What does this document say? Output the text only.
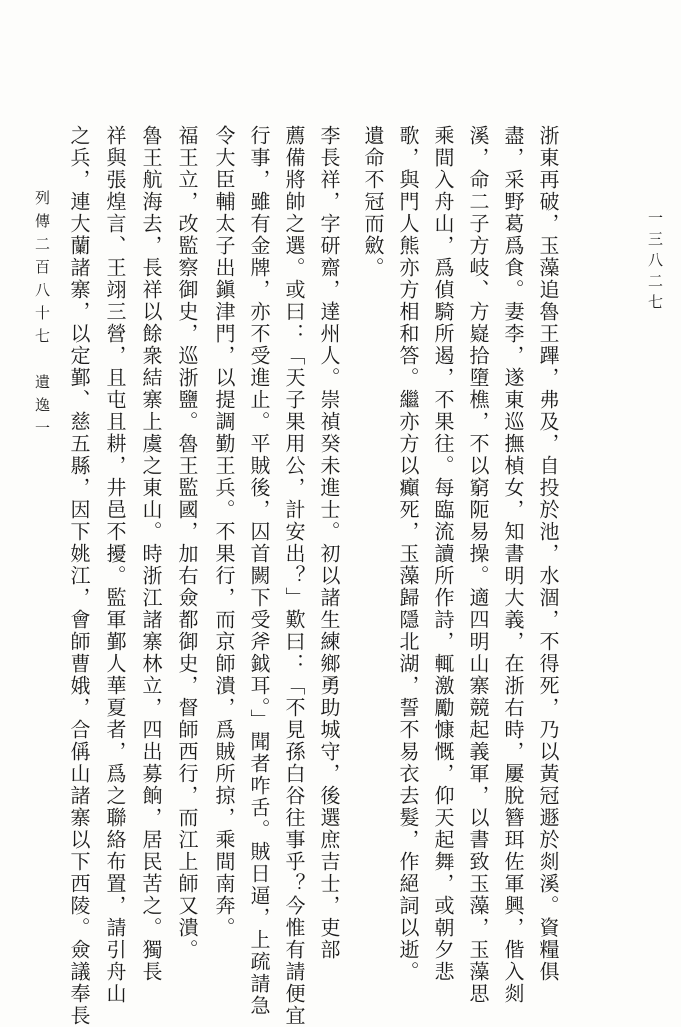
浙東再破，玉藻追魯王蹕，弗及，自投於池，水涸，不得死，乃以黃冠遯於剡溪。資糧俱
盡，采野葛爲食。妻李，遂東巡撫楨女，知書明大義，在浙右時，屢脫簪珥佐軍興，偕入剡
溪，命二子方岐、方嶷拾墮樵，不以窮阨易操。適四明山寨競起義軍，以書致玉藻，玉藻思
乘間入舟山，爲偵騎所遏，不果往。每臨流讀所作詩，輒激勵慷慨，仰天起舞，或朝夕悲
歌，與門人熊亦方相和答。繼亦方以癲死，玉藻歸隱北湖，誓不易衣去髮，作絕詞以逝。
遺命不冠而斂。
李長祥，字研齋，達州人。崇禎癸未進士。初以諸生練鄉勇助城守，後選庶吉士，吏部
薦備將帥之選。或曰：「天子果用公，計安出？」歎曰：「不見孫白谷往事乎？今惟有請便宜
行事，雖有金牌，亦不受進止。平賊後，囚首闕下受斧鉞耳。」聞者咋舌。賊日逼，上疏請急
令大臣輔太子出鎭津門，以提調勤王兵。不果行，而京師潰，爲賊所掠，乘間南奔。
福王立，改監察御史，巡浙鹽。魯王監國，加右僉都御史，督師西行，而江上師又潰。
魯王航海去，長祥以餘衆結寨上虞之東山。時浙江諸寨林立，四出募餉，居民苦之。獨長
祥與張煌言、王翊三營，且屯且耕，井邑不擾。監軍鄞人華夏者，爲之聯絡布置，請引舟山
之兵，連大蘭諸寨，以定鄞、慈五縣，因下姚江，會師曹娥，合偁山諸寨以下西陵。僉議奉長	一三八二七
列傳二百八十七　遺逸一
